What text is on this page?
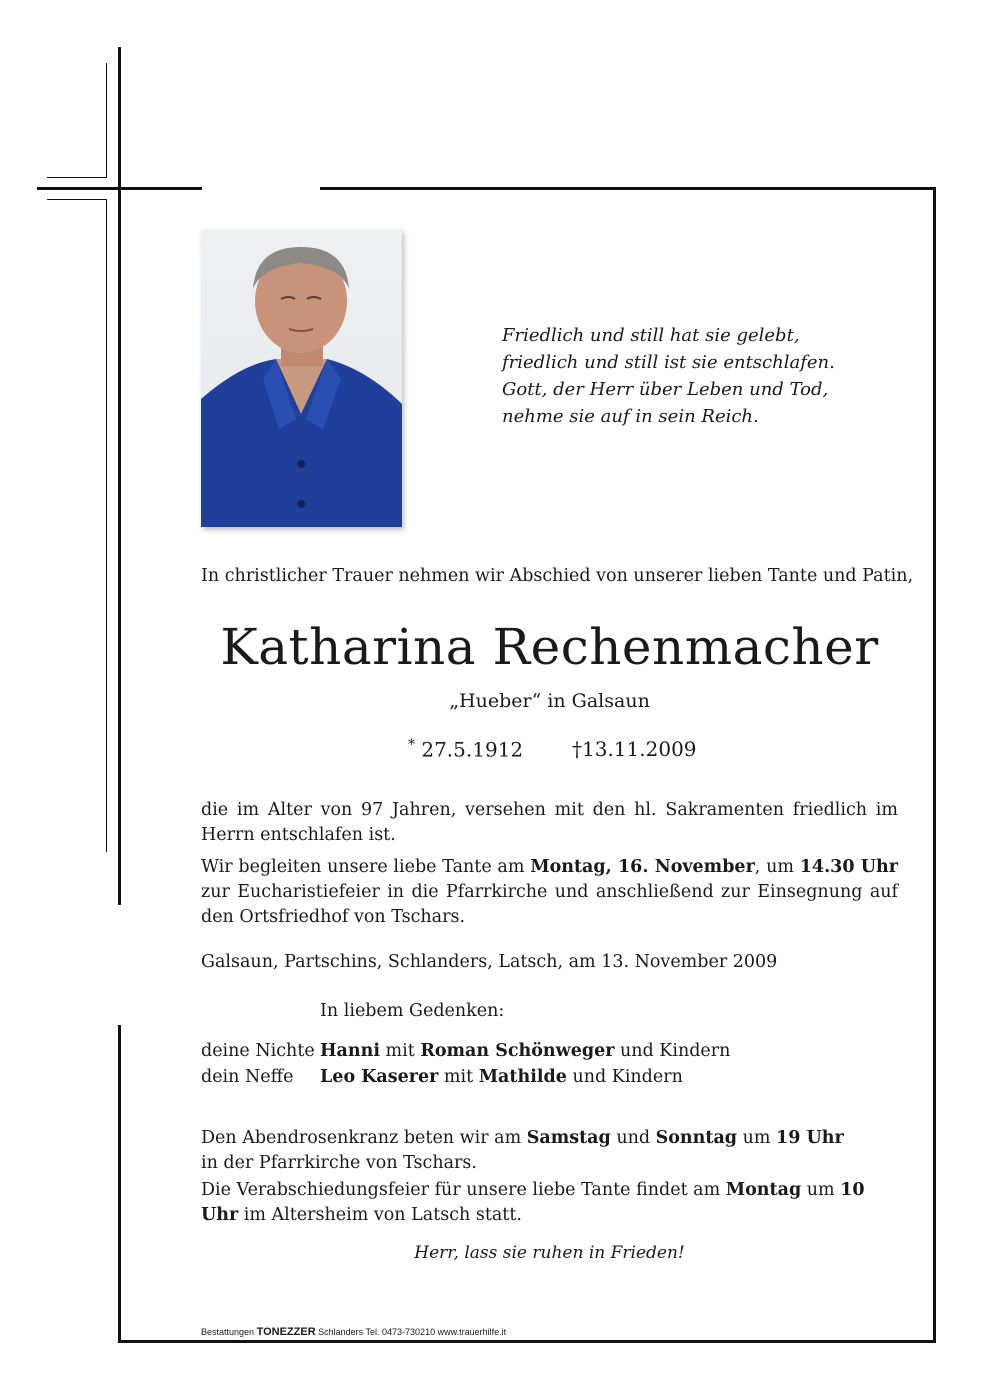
Friedlich und still hat sie gelebt,
friedlich und still ist sie entschlafen.
Gott, der Herr über Leben und Tod,
nehme sie auf in sein Reich.
In christlicher Trauer nehmen wir Abschied von unserer lieben Tante und Patin,
Katharina Rechenmacher
„Hueber“ in Galsaun
* 27.5.1912 †13.11.2009
die im Alter von 97 Jahren, versehen mit den hl. Sakramenten friedlich im Herrn entschlafen ist.
Wir begleiten unsere liebe Tante am Montag, 16. November, um 14.30 Uhr zur Eucharistiefeier in die Pfarrkirche und anschließend zur Einsegnung auf den Ortsfriedhof von Tschars.
Galsaun, Partschins, Schlanders, Latsch, am 13. November 2009
In liebem Gedenken:
deine Nichte Hanni mit Roman Schönweger und Kindern
dein Neffe Leo Kaserer mit Mathilde und Kindern
Den Abendrosenkranz beten wir am Samstag und Sonntag um 19 Uhr in der Pfarrkirche von Tschars.
Die Verabschiedungsfeier für unsere liebe Tante findet am Montag um 10 Uhr im Altersheim von Latsch statt.
Herr, lass sie ruhen in Frieden!
Bestattungen TONEZZER Schlanders Tel. 0473-730210 www.trauerhilfe.it
